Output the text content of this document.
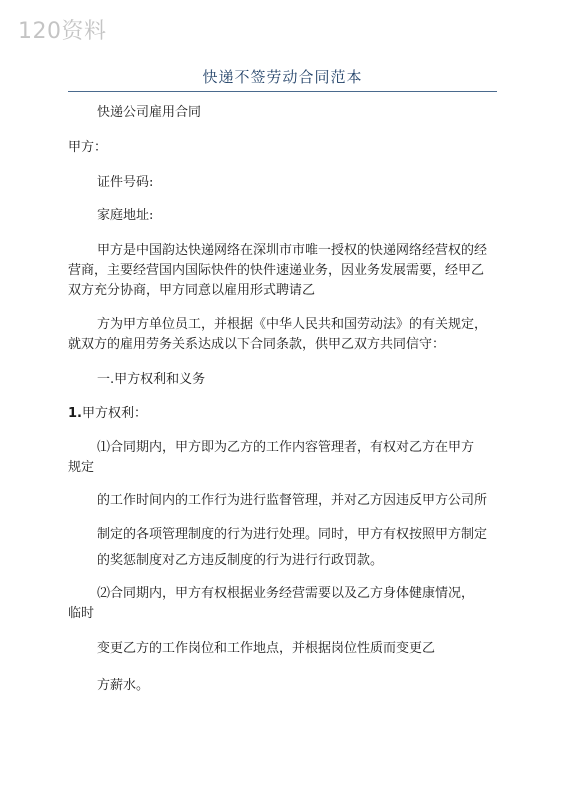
120资料
快递不签劳动合同范本
快递公司雇用合同
甲方：
证件号码:
家庭地址:
甲方是中国韵达快递网络在深圳市市唯一授权的快递网络经营权的经
营商，主要经营国内国际快件的快件速递业务，因业务发展需要，经甲乙
双方充分协商，甲方同意以雇用形式聘请乙
方为甲方单位员工，并根据《中华人民共和国劳动法》的有关规定，
就双方的雇用劳务关系达成以下合同条款，供甲乙双方共同信守：
一.甲方权利和义务
1.甲方权利：
⑴合同期内，甲方即为乙方的工作内容管理者，有权对乙方在甲方
规定
的工作时间内的工作行为进行监督管理，并对乙方因违反甲方公司所
制定的各项管理制度的行为进行处理。同时，甲方有权按照甲方制定
的奖惩制度对乙方违反制度的行为进行行政罚款。
⑵合同期内，甲方有权根据业务经营需要以及乙方身体健康情况，
临时
变更乙方的工作岗位和工作地点，并根据岗位性质而变更乙
方薪水。
